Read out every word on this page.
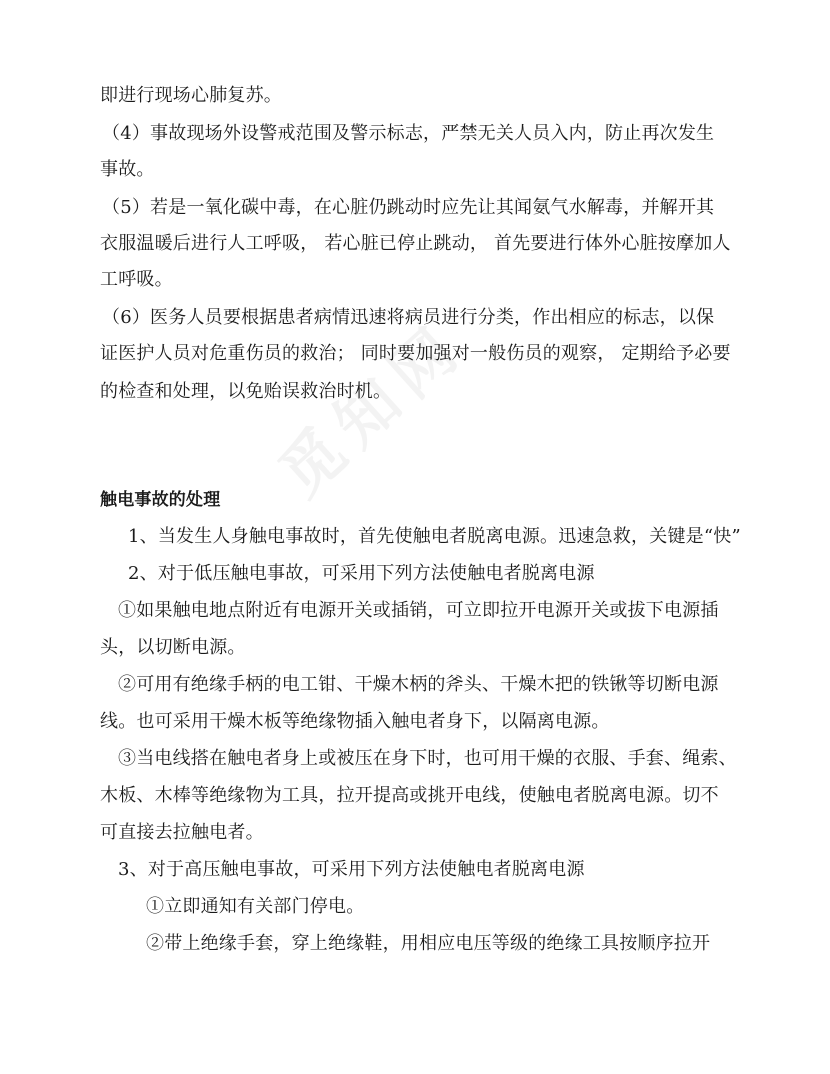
即进行现场心肺复苏。
（4）事故现场外设警戒范围及警示标志，严禁无关人员入内，防止再次发生
事故。
（5）若是一氧化碳中毒，在心脏仍跳动时应先让其闻氨气水解毒，并解开其
衣服温暖后进行人工呼吸， 若心脏已停止跳动， 首先要进行体外心脏按摩加人
工呼吸。
（6）医务人员要根据患者病情迅速将病员进行分类，作出相应的标志，以保
证医护人员对危重伤员的救治； 同时要加强对一般伤员的观察， 定期给予必要
的检查和处理，以免贻误救治时机。
触电事故的处理
1、当发生人身触电事故时，首先使触电者脱离电源。迅速急救，关键是“快”
2、对于低压触电事故，可采用下列方法使触电者脱离电源
①如果触电地点附近有电源开关或插销，可立即拉开电源开关或拔下电源插
头，以切断电源。
②可用有绝缘手柄的电工钳、干燥木柄的斧头、干燥木把的铁锹等切断电源
线。也可采用干燥木板等绝缘物插入触电者身下，以隔离电源。
③当电线搭在触电者身上或被压在身下时，也可用干燥的衣服、手套、绳索、
木板、木棒等绝缘物为工具，拉开提高或挑开电线，使触电者脱离电源。切不
可直接去拉触电者。
3、对于高压触电事故，可采用下列方法使触电者脱离电源
①立即通知有关部门停电。
②带上绝缘手套，穿上绝缘鞋，用相应电压等级的绝缘工具按顺序拉开
